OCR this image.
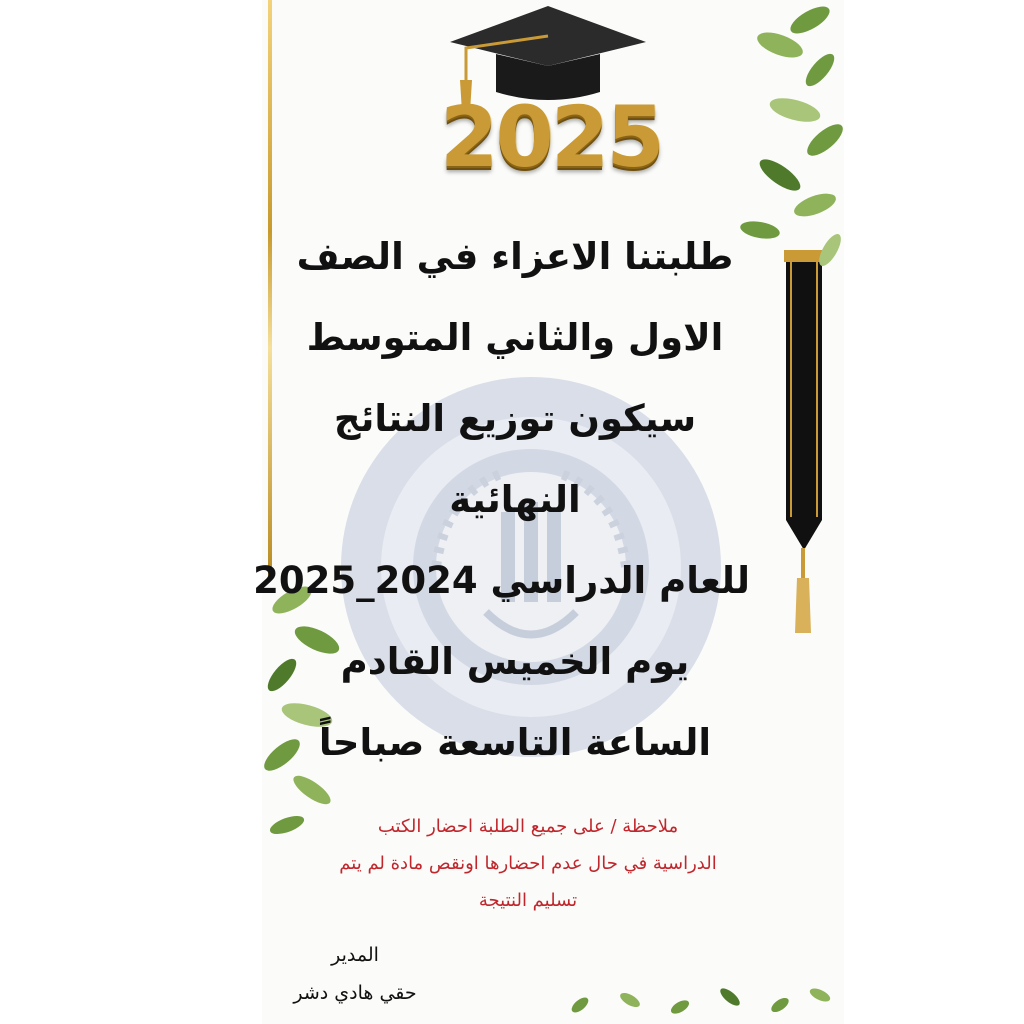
2025
طلبتنا الاعزاء في الصف
الاول والثاني المتوسط
سيكون توزيع النتائج
النهائية
للعام الدراسي 2024_2025
يوم الخميس القادم
الساعة التاسعة صباحاً
ملاحظة / على جميع الطلبة احضار الكتب
الدراسية في حال عدم احضارها اونقص مادة لم يتم
تسليم النتيجة
المدير
حقي هادي دشر
